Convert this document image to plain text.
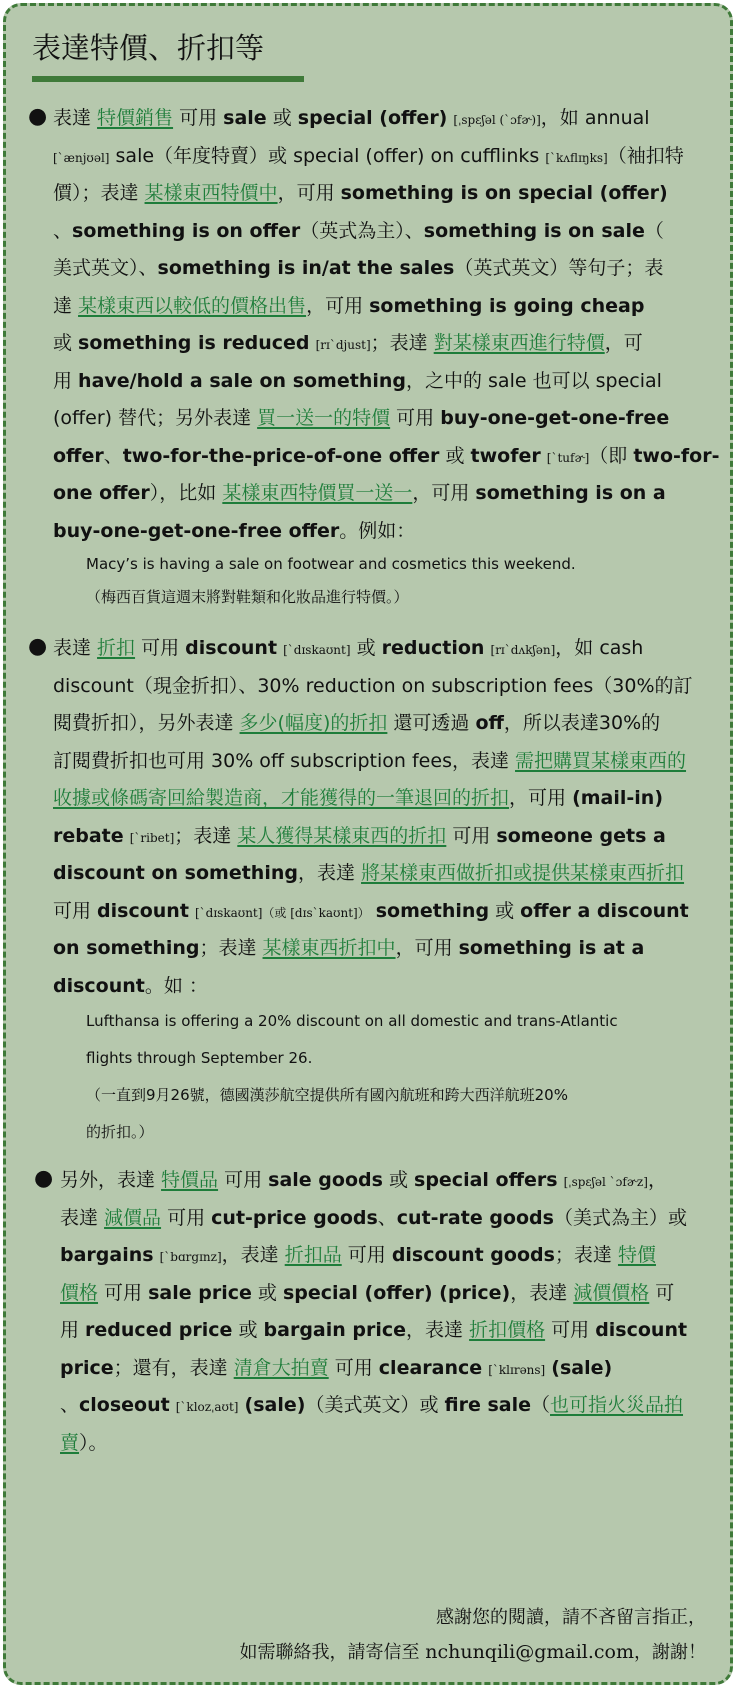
表達特價、折扣等
● 表達 特價銷售 可用 sale 或 special (offer) [ˌspɛʃəl (`ɔfɚ)]，如 annual
[`ænjʊəl] sale（年度特賣）或 special (offer) on cufflinks [`kʌflɪŋks]（袖扣特
價）；表達 某樣東西特價中，可用 something is on special (offer)
、something is on offer（英式為主）、something is on sale（
美式英文）、something is in/at the sales（英式英文）等句子；表
達 某樣東西以較低的價格出售，可用 something is going cheap
或 something is reduced [rɪ`djust]；表達 對某樣東西進行特價，可
用 have/hold a sale on something，之中的 sale 也可以 special
(offer) 替代；另外表達 買一送一的特價 可用 buy-one-get-one-free
offer、two-for-the-price-of-one offer 或 twofer [`tufɚ]（即 two-for-
one offer），比如 某樣東西特價買一送一，可用 something is on a
buy-one-get-one-free offer。例如：
Macy’s is having a sale on footwear and cosmetics this weekend.
（梅西百貨這週末將對鞋類和化妝品進行特價。）
● 表達 折扣 可用 discount [`dɪskaʊnt] 或 reduction [rɪ`dʌkʃən]，如 cash
discount（現金折扣）、30% reduction on subscription fees（30%的訂
閱費折扣），另外表達 多少(幅度)的折扣 還可透過 off，所以表達30%的
訂閱費折扣也可用 30% off subscription fees，表達 需把購買某樣東西的
收據或條碼寄回給製造商，才能獲得的一筆退回的折扣，可用 (mail-in)
rebate [`ribet]；表達 某人獲得某樣東西的折扣 可用 someone gets a
discount on something，表達 將某樣東西做折扣或提供某樣東西折扣
可用 discount [`dɪskaʊnt]（或 [dɪs`kaʊnt]） something 或 offer a discount
on something；表達 某樣東西折扣中，可用 something is at a
discount。如 ：
Lufthansa is offering a 20% discount on all domestic and trans-Atlantic
flights through September 26.
（一直到9月26號，德國漢莎航空提供所有國內航班和跨大西洋航班20%
的折扣。）
● 另外，表達 特價品 可用 sale goods 或 special offers [ˌspɛʃəl `ɔfɚz]，
表達 減價品 可用 cut-price goods、cut-rate goods（美式為主）或
bargains [`bɑrgɪnz]，表達 折扣品 可用 discount goods；表達 特價
價格 可用 sale price 或 special (offer) (price)，表達 減價價格 可
用 reduced price 或 bargain price，表達 折扣價格 可用 discount
price；還有，表達 清倉大拍賣 可用 clearance [`klɪrəns] (sale)
、closeout [`klozˌaʊt] (sale)（美式英文）或 fire sale（也可指火災品拍
賣）。
感謝您的閱讀，請不吝留言指正，
如需聯絡我，請寄信至 nchunqili@gmail.com，謝謝！
